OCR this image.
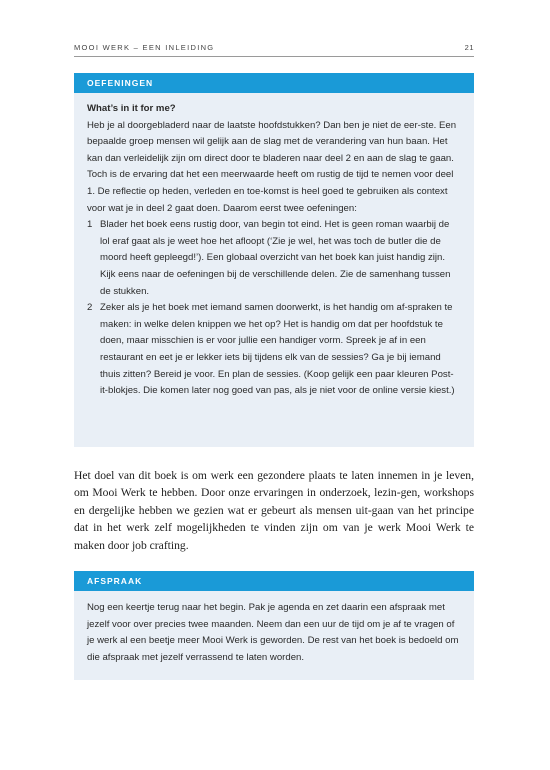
MOOI WERK – EEN INLEIDING	21
OEFENINGEN

What’s in it for me?

Heb je al doorgebladerd naar de laatste hoofdstukken? Dan ben je niet de eer-ste. Een bepaalde groep mensen wil gelijk aan de slag met de verandering van hun baan. Het kan dan verleidelijk zijn om direct door te bladeren naar deel 2 en aan de slag te gaan. Toch is de ervaring dat het een meerwaarde heeft om rustig de tijd te nemen voor deel 1. De reflectie op heden, verleden en toe-komst is heel goed te gebruiken als context voor wat je in deel 2 gaat doen. Daarom eerst twee oefeningen:

1 Blader het boek eens rustig door, van begin tot eind. Het is geen roman waarbij de lol eraf gaat als je weet hoe het afloopt (‘Zie je wel, het was toch de butler die de moord heeft gepleegd!’). Een globaal overzicht van het boek kan juist handig zijn. Kijk eens naar de oefeningen bij de verschillende delen. Zie de samenhang tussen de stukken.
2 Zeker als je het boek met iemand samen doorwerkt, is het handig om af-spraken te maken: in welke delen knippen we het op? Het is handig om dat per hoofdstuk te doen, maar misschien is er voor jullie een handiger vorm. Spreek je af in een restaurant en eet je er lekker iets bij tijdens elk van de sessies? Ga je bij iemand thuis zitten? Bereid je voor. En plan de sessies. (Koop gelijk een paar kleuren Post-it-blokjes. Die komen later nog goed van pas, als je niet voor de online versie kiest.)

Het doel van dit boek is om werk een gezondere plaats te laten innemen in je leven, om Mooi Werk te hebben. Door onze ervaringen in onderzoek, lezin-gen, workshops en dergelijke hebben we gezien wat er gebeurt als mensen uit-gaan van het principe dat in het werk zelf mogelijkheden te vinden zijn om van je werk Mooi Werk te maken door job crafting.

AFSPRAAK

Nog een keertje terug naar het begin. Pak je agenda en zet daarin een afspraak met jezelf voor over precies twee maanden. Neem dan een uur de tijd om je af te vragen of je werk al een beetje meer Mooi Werk is geworden. De rest van het boek is bedoeld om die afspraak met jezelf verrassend te laten worden.
